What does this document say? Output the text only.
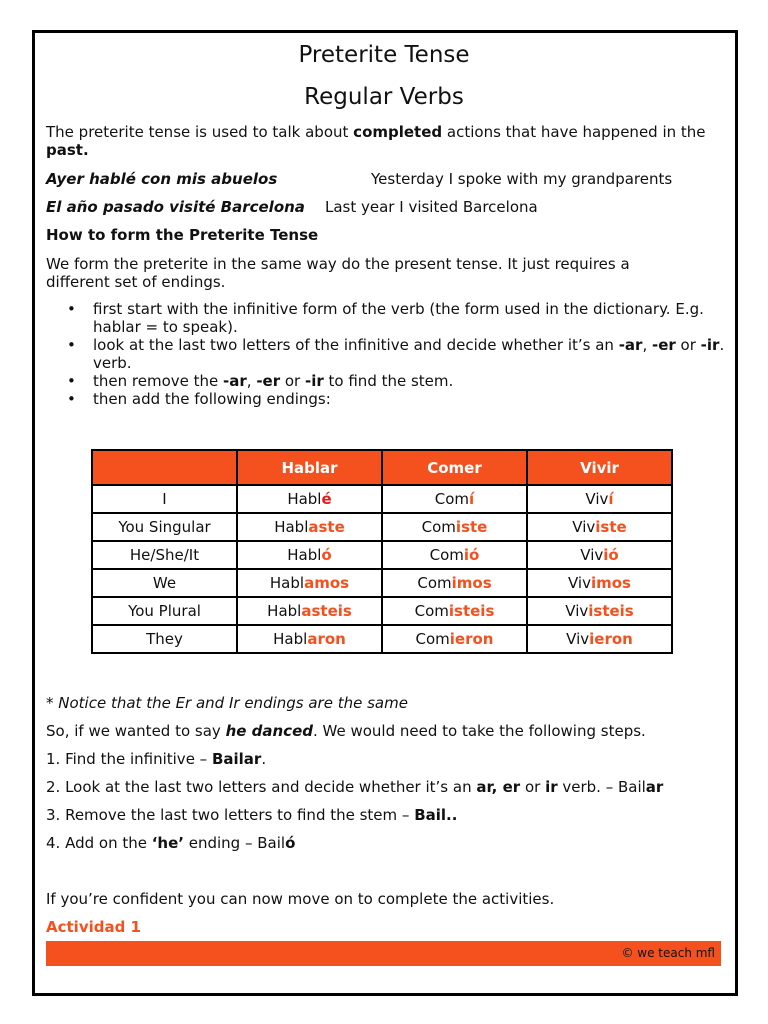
Preterite Tense
Regular Verbs
The preterite tense is used to talk about completed actions that have happened in the past.
Ayer hablé con mis abuelos	Yesterday I spoke with my grandparents
El año pasado visité Barcelona Last year I visited Barcelona
How to form the Preterite Tense
We form the preterite in the same way do the present tense. It just requires a different set of endings.
• first start with the infinitive form of the verb (the form used in the dictionary. E.g. hablar = to speak).
• look at the last two letters of the infinitive and decide whether it’s an -ar, -er or -ir. verb.
• then remove the -ar, -er or -ir to find the stem.
• then add the following endings:
	Hablar	Comer	Vivir
I	Hablé	Comí	Viví
You Singular	Hablaste	Comiste	Viviste
He/She/It	Habló	Comió	Vivió
We	Hablamos	Comimos	Vivimos
You Plural	Hablasteis	Comisteis	Vivisteis
They	Hablaron	Comieron	Vivieron
* Notice that the Er and Ir endings are the same
So, if we wanted to say he danced. We would need to take the following steps.
1. Find the infinitive – Bailar.
2. Look at the last two letters and decide whether it’s an ar, er or ir verb. – Bailar
3. Remove the last two letters to find the stem – Bail..
4. Add on the ‘he’ ending – Bailó
If you’re confident you can now move on to complete the activities.
Actividad 1
© we teach mfl
